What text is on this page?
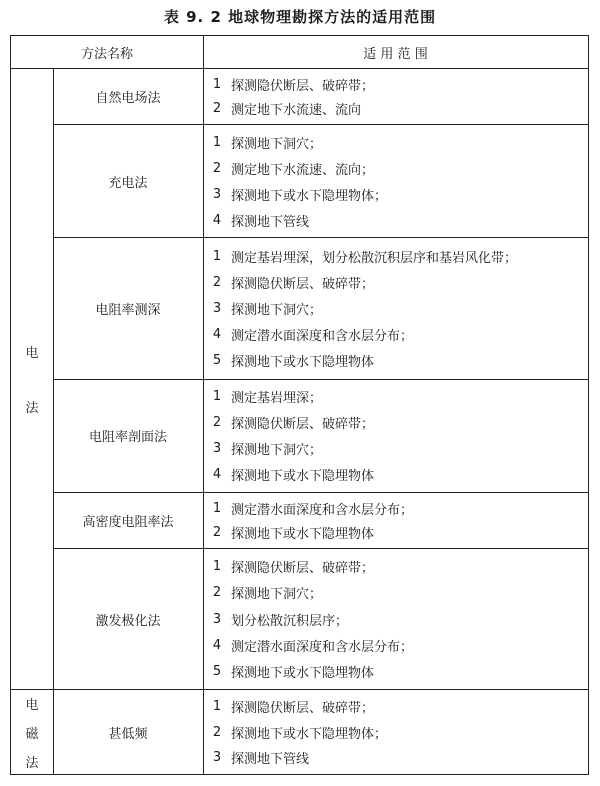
表 9. 2 地球物理勘探方法的适用范围
方法名称	适 用 范 围
电
法
自然电场法
1 探测隐伏断层、破碎带；
2 测定地下水流速、流向
充电法
1 探测地下洞穴；
2 测定地下水流速、流向；
3 探测地下或水下隐埋物体；
4 探测地下管线
电阻率测深
1 测定基岩埋深，划分松散沉积层序和基岩风化带；
2 探测隐伏断层、破碎带；
3 探测地下洞穴；
4 测定潜水面深度和含水层分布；
5 探测地下或水下隐埋物体
电阻率剖面法
1 测定基岩埋深；
2 探测隐伏断层、破碎带；
3 探测地下洞穴；
4 探测地下或水下隐埋物体
高密度电阻率法
1 测定潜水面深度和含水层分布；
2 探测地下或水下隐埋物体
激发极化法
1 探测隐伏断层、破碎带；
2 探测地下洞穴；
3 划分松散沉积层序；
4 测定潜水面深度和含水层分布；
5 探测地下或水下隐埋物体
电
磁
法
甚低频
1 探测隐伏断层、破碎带；
2 探测地下或水下隐埋物体；
3 探测地下管线
